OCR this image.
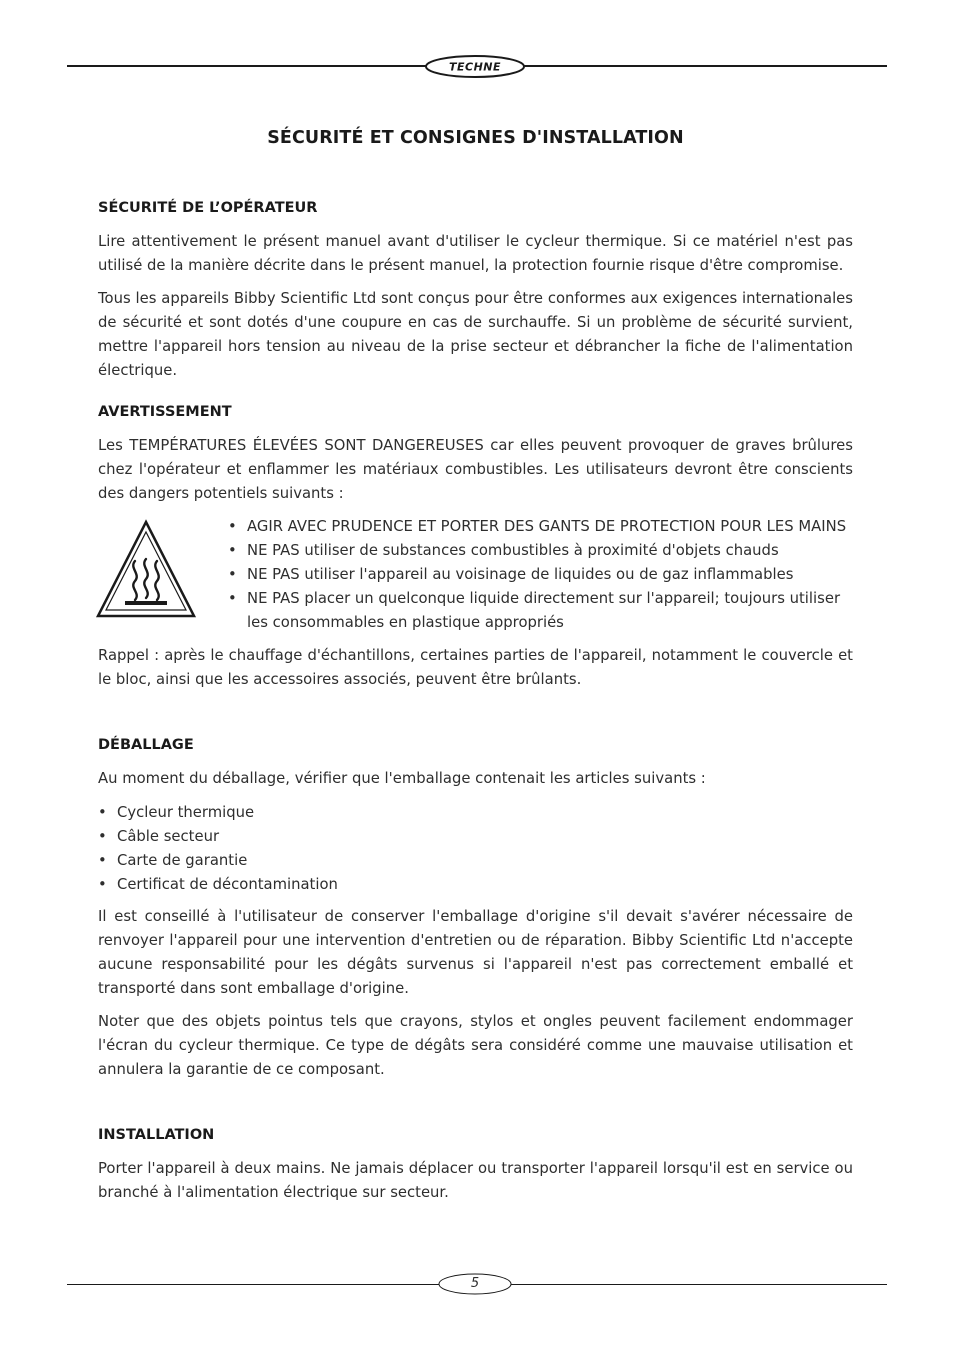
TECHNE
SÉCURITÉ ET CONSIGNES D'INSTALLATION
SÉCURITÉ DE L’OPÉRATEUR

Lire attentivement le présent manuel avant d'utiliser le cycleur thermique. Si ce matériel n'est pas utilisé de la manière décrite dans le présent manuel, la protection fournie risque d'être compromise.

Tous les appareils Bibby Scientific Ltd sont conçus pour être conformes aux exigences internationales de sécurité et sont dotés d'une coupure en cas de surchauffe. Si un problème de sécurité survient, mettre l'appareil hors tension au niveau de la prise secteur et débrancher la fiche de l'alimentation électrique.

AVERTISSEMENT

Les TEMPÉRATURES ÉLEVÉES SONT DANGEREUSES car elles peuvent provoquer de graves brûlures chez l'opérateur et enflammer les matériaux combustibles. Les utilisateurs devront être conscients des dangers potentiels suivants :

• AGIR AVEC PRUDENCE ET PORTER DES GANTS DE PROTECTION POUR LES MAINS
• NE PAS utiliser de substances combustibles à proximité d'objets chauds
• NE PAS utiliser l'appareil au voisinage de liquides ou de gaz inflammables
• NE PAS placer un quelconque liquide directement sur l'appareil; toujours utiliser les consommables en plastique appropriés

Rappel : après le chauffage d'échantillons, certaines parties de l'appareil, notamment le couvercle et le bloc, ainsi que les accessoires associés, peuvent être brûlants.

DÉBALLAGE

Au moment du déballage, vérifier que l'emballage contenait les articles suivants :

• Cycleur thermique
• Câble secteur
• Carte de garantie
• Certificat de décontamination

Il est conseillé à l'utilisateur de conserver l'emballage d'origine s'il devait s'avérer nécessaire de renvoyer l'appareil pour une intervention d'entretien ou de réparation. Bibby Scientific Ltd n'accepte aucune responsabilité pour les dégâts survenus si l'appareil n'est pas correctement emballé et transporté dans sont emballage d'origine.

Noter que des objets pointus tels que crayons, stylos et ongles peuvent facilement endommager l'écran du cycleur thermique. Ce type de dégâts sera considéré comme une mauvaise utilisation et annulera la garantie de ce composant.

INSTALLATION

Porter l'appareil à deux mains. Ne jamais déplacer ou transporter l'appareil lorsqu'il est en service ou branché à l'alimentation électrique sur secteur.

5
